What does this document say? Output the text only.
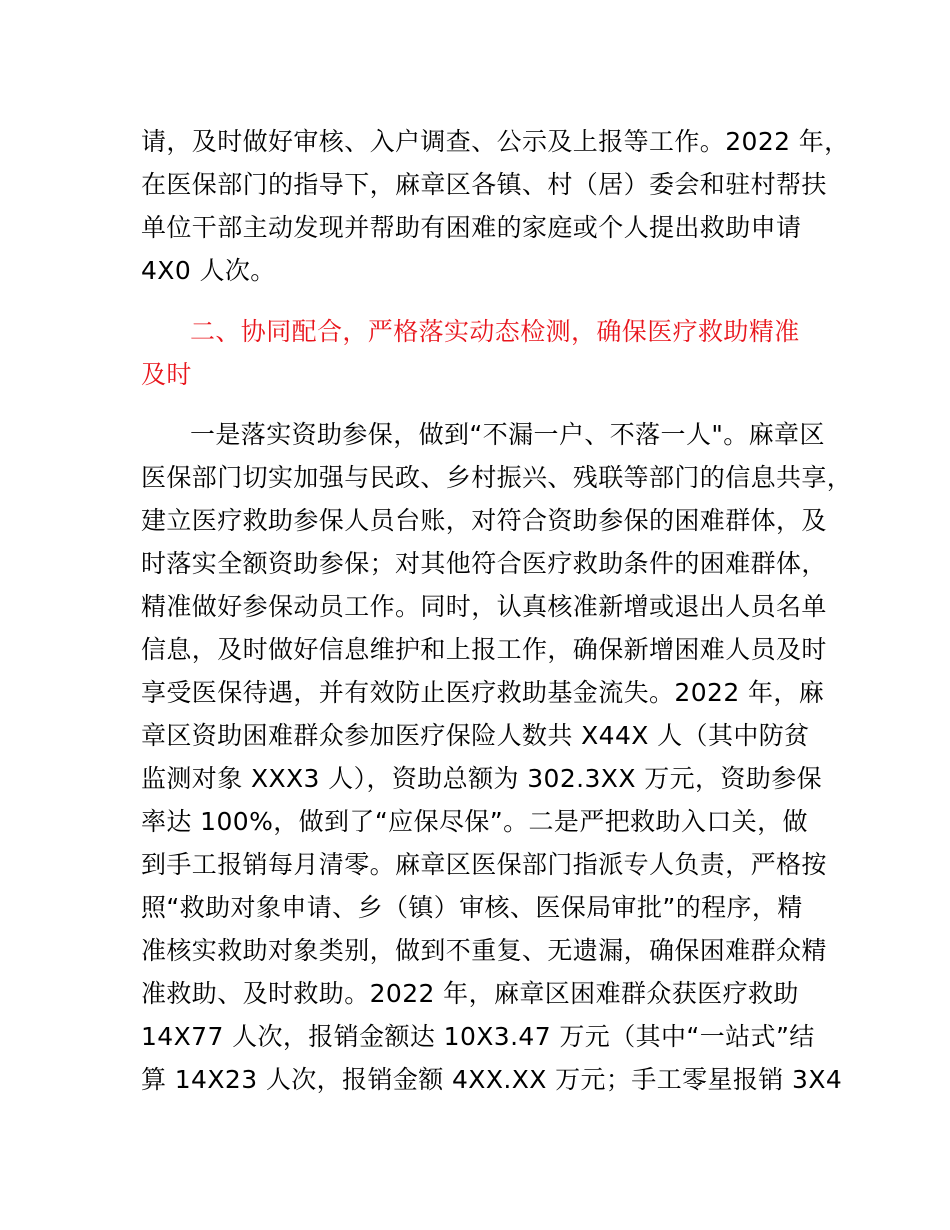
请，及时做好审核、入户调查、公示及上报等工作。2022 年，
在医保部门的指导下，麻章区各镇、村（居）委会和驻村帮扶
单位干部主动发现并帮助有困难的家庭或个人提出救助申请
4X0 人次。
二、协同配合，严格落实动态检测，确保医疗救助精准
及时
一是落实资助参保，做到“不漏一户、不落一人"。麻章区
医保部门切实加强与民政、乡村振兴、残联等部门的信息共享，
建立医疗救助参保人员台账，对符合资助参保的困难群体，及
时落实全额资助参保；对其他符合医疗救助条件的困难群体，
精准做好参保动员工作。同时，认真核准新增或退出人员名单
信息，及时做好信息维护和上报工作，确保新增困难人员及时
享受医保待遇，并有效防止医疗救助基金流失。2022 年，麻
章区资助困难群众参加医疗保险人数共 X44X 人（其中防贫
监测对象 XXX3 人），资助总额为 302.3XX 万元，资助参保
率达 100%，做到了“应保尽保”。二是严把救助入口关，做
到手工报销每月清零。麻章区医保部门指派专人负责，严格按
照“救助对象申请、乡（镇）审核、医保局审批”的程序，精
准核实救助对象类别，做到不重复、无遗漏，确保困难群众精
准救助、及时救助。2022 年，麻章区困难群众获医疗救助
14X77 人次，报销金额达 10X3.47 万元（其中“一站式”结
算 14X23 人次，报销金额 4XX.XX 万元；手工零星报销 3X4
